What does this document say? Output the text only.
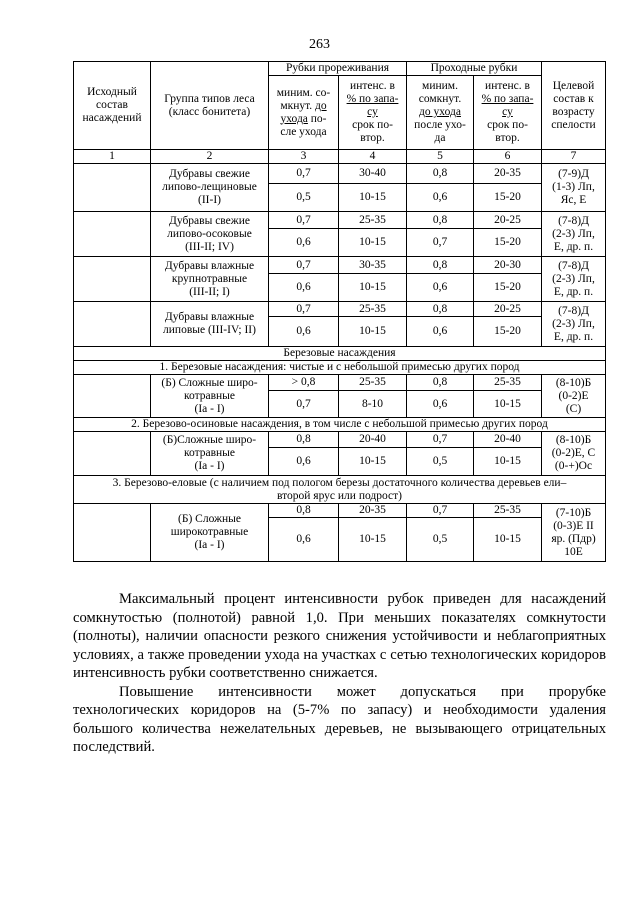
263
Исходный состав насаждений	Группа типов леса (класс бонитета)	Рубки прореживания		Проходные рубки		Целевой состав к возрасту спелости
		миним. со-
мкнут. до
ухода по-
сле ухода	интенс. в
% по запа-
су
срок по-
втор.	миним.
сомкнут.
до ухода
после ухо-
да	интенс. в
% по запа-
су
срок по-
втор.	
1	2	3	4	5	6	7
	Дубравы свежие
липово-лещиновые
(II-I)	0,7	30-40	0,8	20-35	(7-9)Д
(1-3) Лп,
Яс, Е
		0,5	10-15	0,6	15-20	
	Дубравы свежие
липово-осоковые
(III-II; IV)	0,7	25-35	0,8	20-25	(7-8)Д
(2-3) Лп,
Е, др. п.
		0,6	10-15	0,7	15-20	
	Дубравы влажные
крупнотравные
(III-II; I)	0,7	30-35	0,8	20-30	(7-8)Д
(2-3) Лп,
Е, др. п.
		0,6	10-15	0,6	15-20	
	Дубравы влажные
липовые (III-IV; II)	0,7	25-35	0,8	20-25	(7-8)Д
(2-3) Лп,
Е, др. п.
		0,6	10-15	0,6	15-20	
Березовые насаждения						
1. Березовые насаждения: чистые и с небольшой примесью других пород						
	(Б) Сложные широ-
котравные
(Ia - I)	> 0,8	25-35	0,8	25-35	(8-10)Б
(0-2)Е
(С)
		0,7	8-10	0,6	10-15	
2. Березово-осиновые насаждения, в том числе с небольшой примесью других пород						
	(Б)Сложные широ-
котравные
(Ia - I)	0,8	20-40	0,7	20-40	(8-10)Б
(0-2)Е, С
(0-+)Ос
		0,6	10-15	0,5	10-15	
3. Березово-еловые (с наличием под пологом березы достаточного количества деревьев ели–
второй ярус или подрост)						
	(Б) Сложные
широкотравные
(Ia - I)	0,8	20-35	0,7	25-35	(7-10)Б
(0-3)Е II
яр. (Пдр)
10Е
		0,6	10-15	0,5	10-15	

Максимальный процент интенсивности рубок приведен для насаждений сомкнутостью (полнотой) равной 1,0. При меньших показателях сомкнутости (полноты), наличии опасности резкого снижения устойчивости и неблагоприятных условиях, а также проведении ухода на участках с сетью технологических коридоров интенсивность рубки соответственно снижается.

Повышение интенсивности может допускаться при прорубке технологических коридоров на (5-7% по запасу) и необходимости удаления большого количества нежелательных деревьев, не вызывающего отрицательных последствий.
